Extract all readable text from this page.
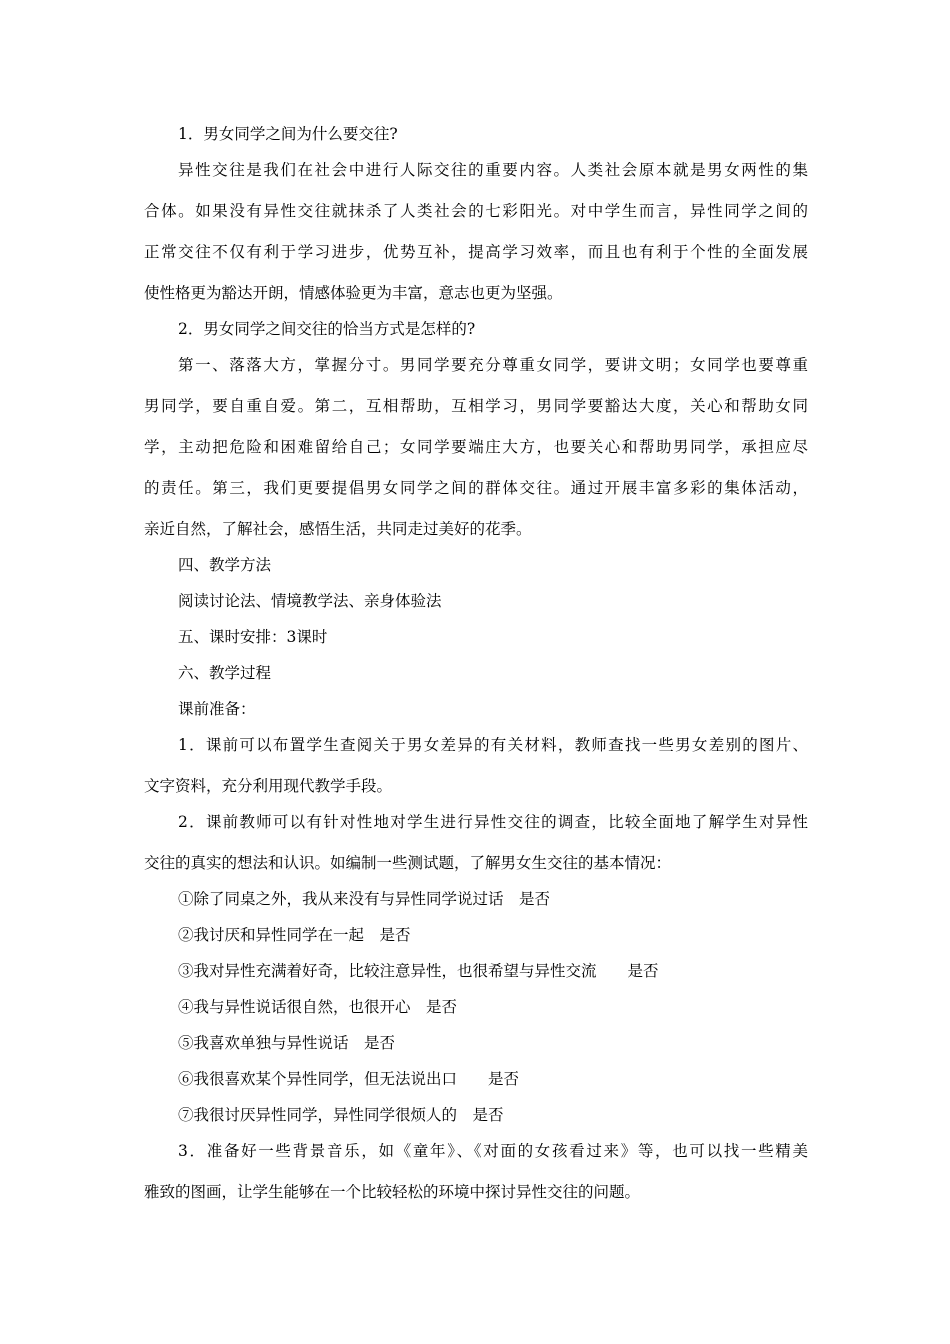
1．男女同学之间为什么要交往?

异性交往是我们在社会中进行人际交往的重要内容。人类社会原本就是男女两性的集

合体。如果没有异性交往就抹杀了人类社会的七彩阳光。对中学生而言，异性同学之间的

正常交往不仅有利于学习进步，优势互补，提高学习效率，而且也有利于个性的全面发展

使性格更为豁达开朗，情感体验更为丰富，意志也更为坚强。

2．男女同学之间交往的恰当方式是怎样的?

第一、落落大方，掌握分寸。男同学要充分尊重女同学，要讲文明；女同学也要尊重

男同学，要自重自爱。第二，互相帮助，互相学习，男同学要豁达大度，关心和帮助女同

学，主动把危险和困难留给自己；女同学要端庄大方，也要关心和帮助男同学，承担应尽

的责任。第三，我们更要提倡男女同学之间的群体交往。通过开展丰富多彩的集体活动，

亲近自然，了解社会，感悟生活，共同走过美好的花季。

四、教学方法

阅读讨论法、情境教学法、亲身体验法

五、课时安排：3课时

六、教学过程

课前准备：

1．课前可以布置学生查阅关于男女差异的有关材料，教师查找一些男女差别的图片、

文字资料，充分利用现代教学手段。

2．课前教师可以有针对性地对学生进行异性交往的调查，比较全面地了解学生对异性

交往的真实的想法和认识。如编制一些测试题，了解男女生交往的基本情况：

①除了同桌之外，我从来没有与异性同学说过话　是否

②我讨厌和异性同学在一起　是否

③我对异性充满着好奇，比较注意异性，也很希望与异性交流　　是否

④我与异性说话很自然，也很开心　是否

⑤我喜欢单独与异性说话　是否

⑥我很喜欢某个异性同学，但无法说出口　　是否

⑦我很讨厌异性同学，异性同学很烦人的　是否

3．准备好一些背景音乐，如《童年》、《对面的女孩看过来》等，也可以找一些精美

雅致的图画，让学生能够在一个比较轻松的环境中探讨异性交往的问题。
